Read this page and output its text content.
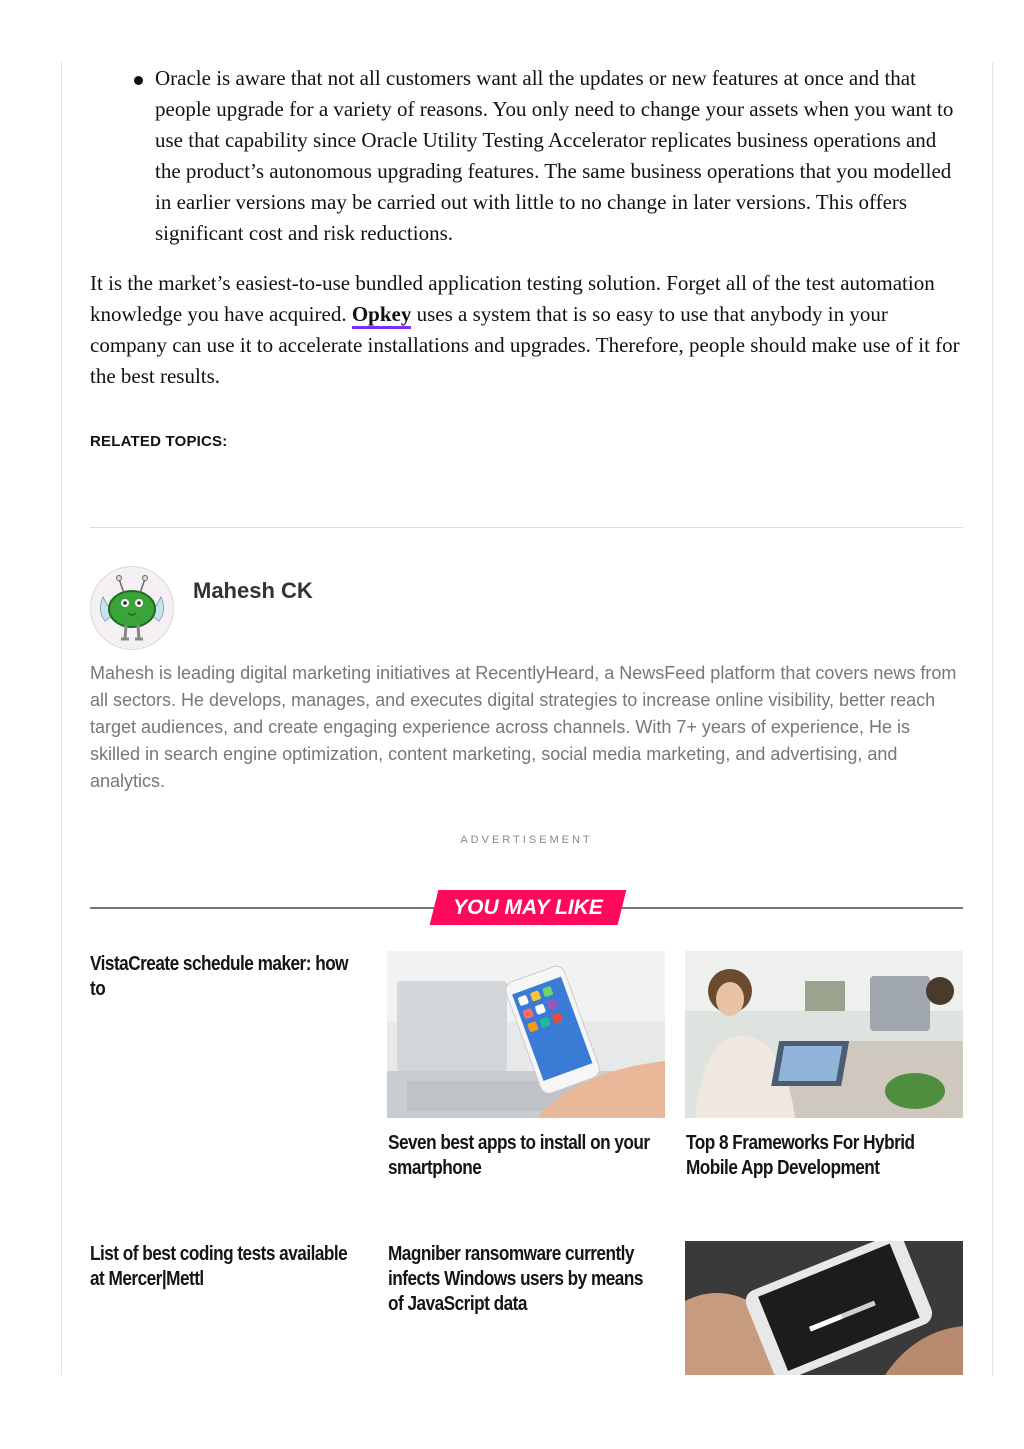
Oracle is aware that not all customers want all the updates or new features at once and that people upgrade for a variety of reasons. You only need to change your assets when you want to use that capability since Oracle Utility Testing Accelerator replicates business operations and the product’s autonomous upgrading features. The same business operations that you modelled in earlier versions may be carried out with little to no change in later versions. This offers significant cost and risk reductions.

It is the market’s easiest-to-use bundled application testing solution. Forget all of the test automation knowledge you have acquired. Opkey uses a system that is so easy to use that anybody in your company can use it to accelerate installations and upgrades. Therefore, people should make use of it for the best results.

RELATED TOPICS:
Mahesh CK

Mahesh is leading digital marketing initiatives at RecentlyHeard, a NewsFeed platform that covers news from all sectors. He develops, manages, and executes digital strategies to increase online visibility, better reach target audiences, and create engaging experience across channels. With 7+ years of experience, He is skilled in search engine optimization, content marketing, social media marketing, and advertising, and analytics.

ADVERTISEMENT
YOU MAY LIKE
VistaCreate schedule maker: how to
Seven best apps to install on your smartphone
Top 8 Frameworks For Hybrid Mobile App Development
List of best coding tests available at Mercer|Mettl
Magniber ransomware currently infects Windows users by means of JavaScript data
